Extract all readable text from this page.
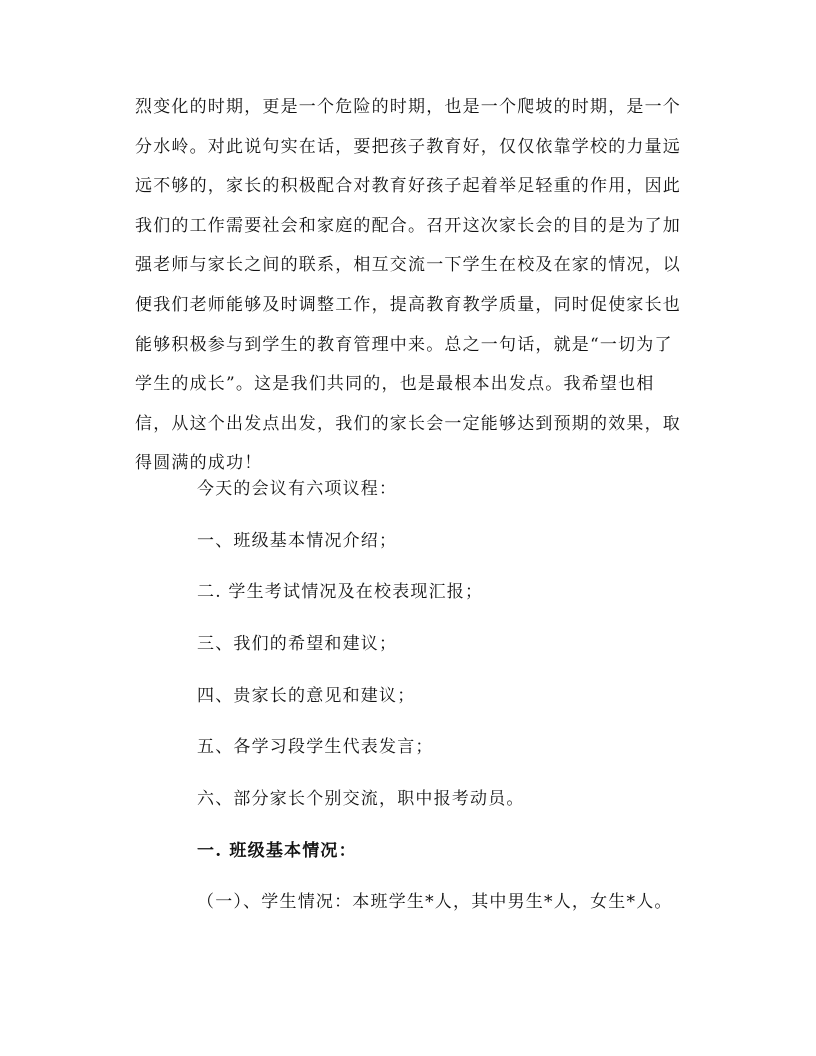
烈变化的时期，更是一个危险的时期，也是一个爬坡的时期，是一个
分水岭。对此说句实在话，要把孩子教育好，仅仅依靠学校的力量远
远不够的，家长的积极配合对教育好孩子起着举足轻重的作用，因此
我们的工作需要社会和家庭的配合。召开这次家长会的目的是为了加
强老师与家长之间的联系，相互交流一下学生在校及在家的情况，以
便我们老师能够及时调整工作，提高教育教学质量，同时促使家长也
能够积极参与到学生的教育管理中来。总之一句话，就是“一切为了
学生的成长”。这是我们共同的，也是最根本出发点。我希望也相
信，从这个出发点出发，我们的家长会一定能够达到预期的效果，取
得圆满的成功！

今天的会议有六项议程：

一、班级基本情况介绍；

二. 学生考试情况及在校表现汇报；

三、我们的希望和建议；

四、贵家长的意见和建议；

五、各学习段学生代表发言；

六、部分家长个别交流，职中报考动员。

一. 班级基本情况：

（一）、学生情况：本班学生*人，其中男生*人，女生*人。
